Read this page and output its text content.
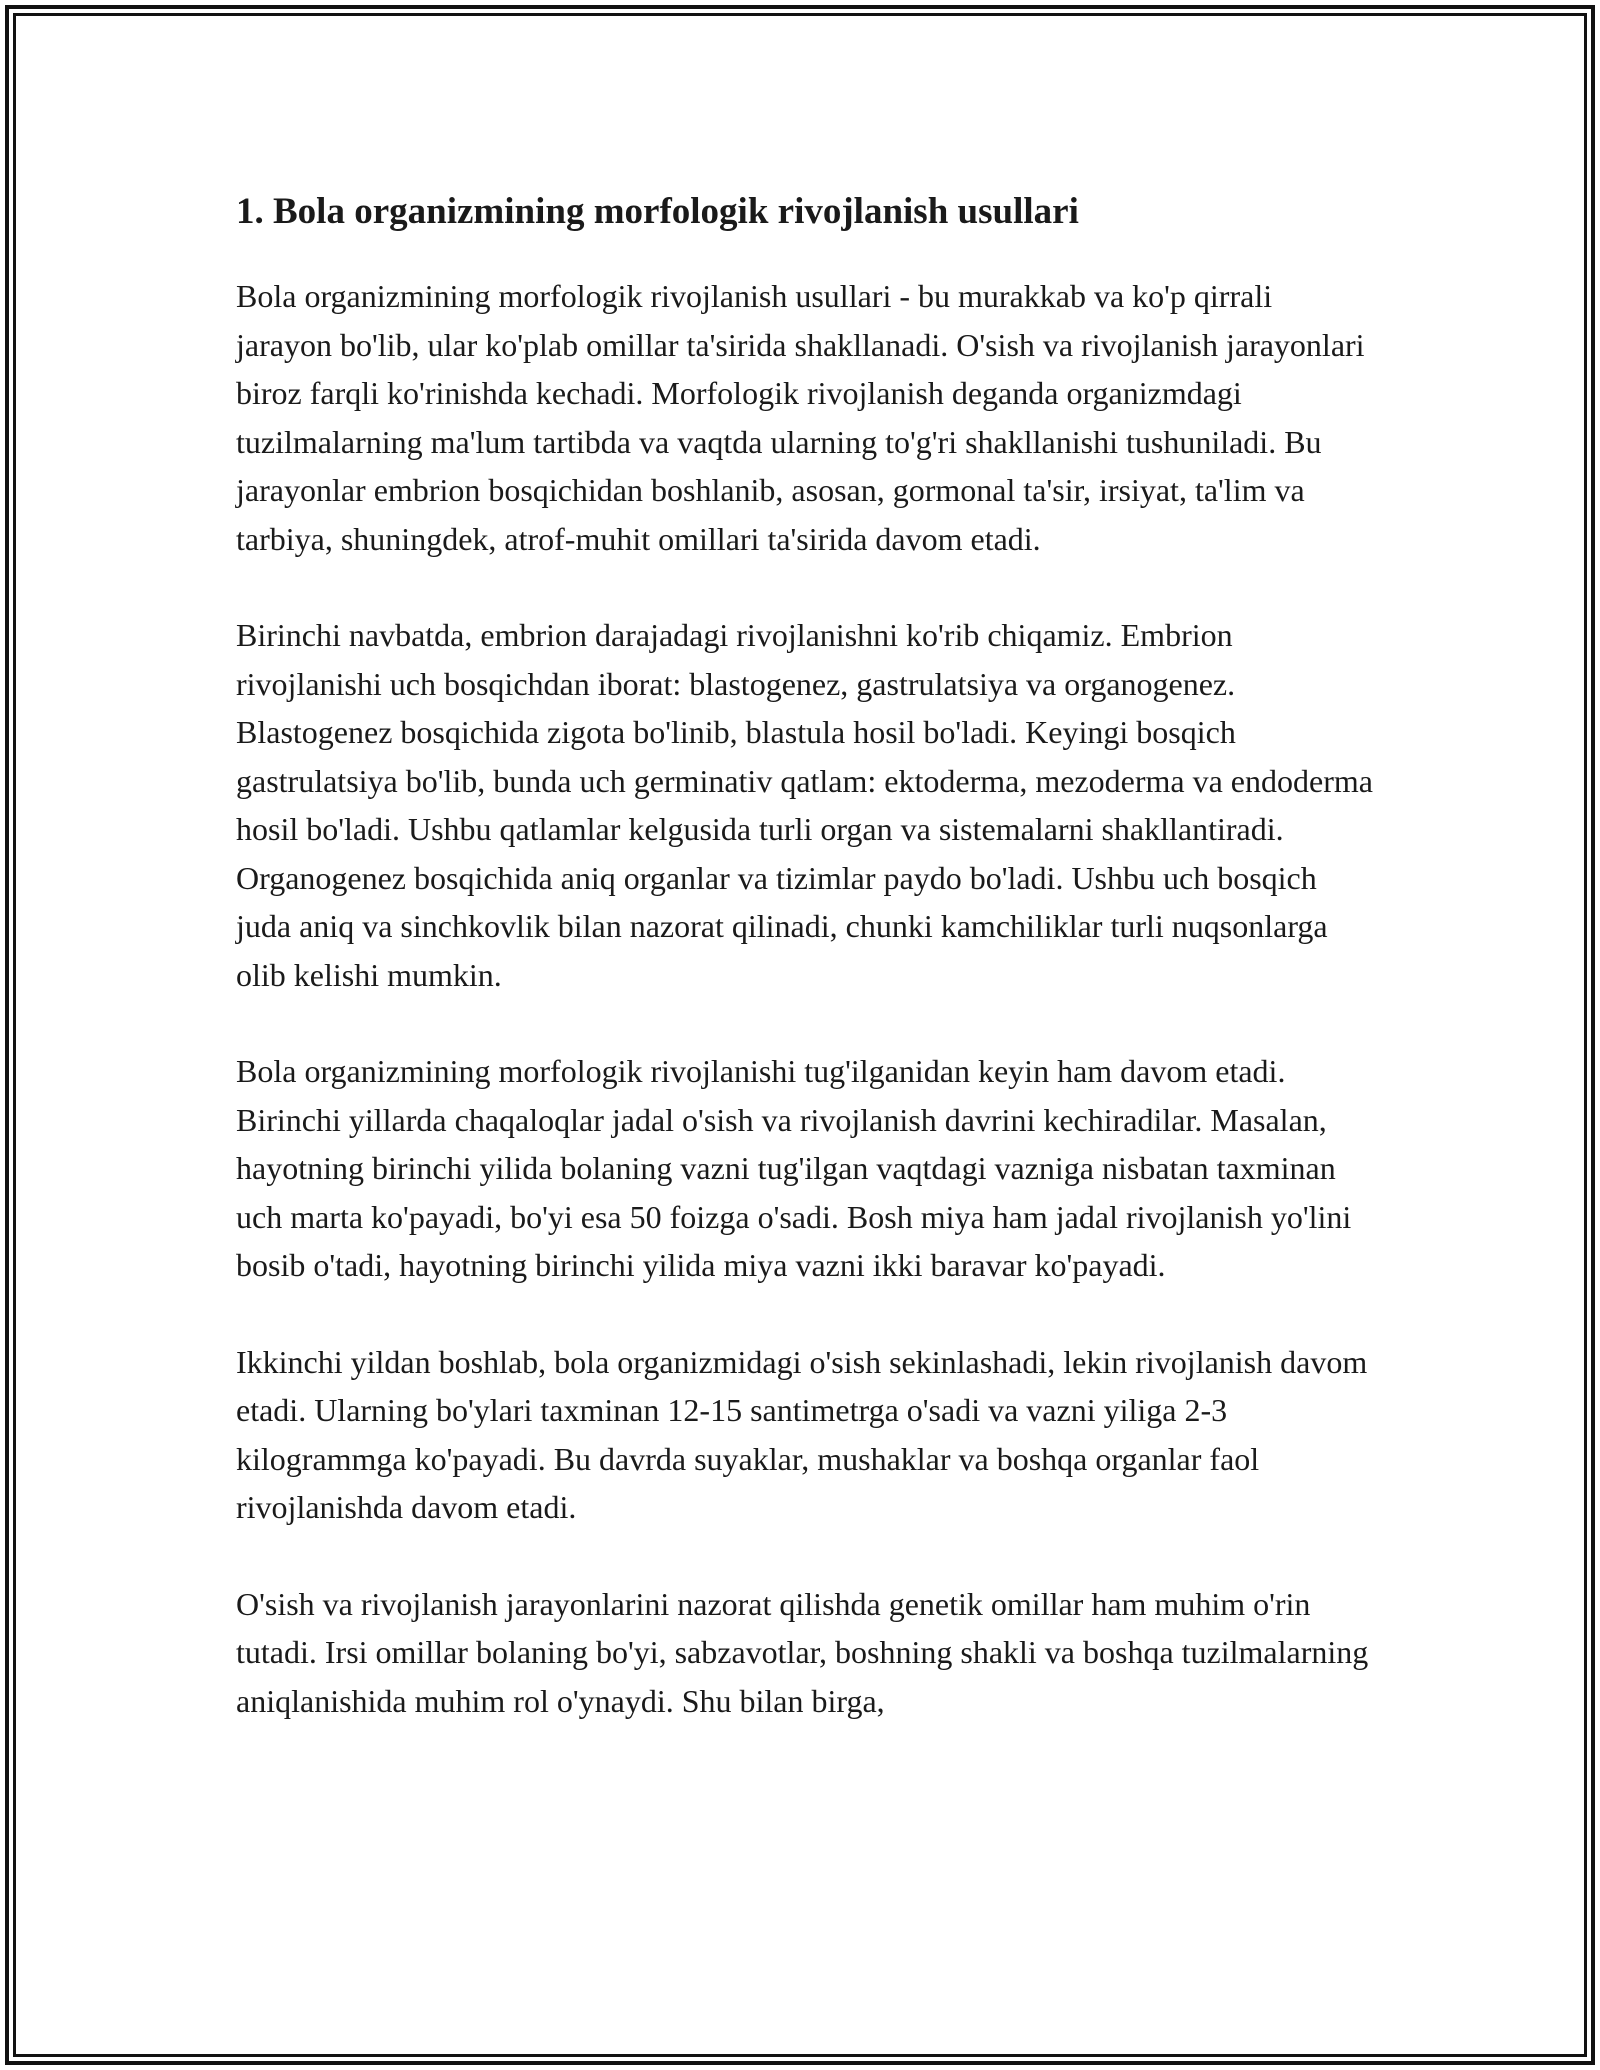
1. Bola organizmining morfologik rivojlanish usullari

Bola organizmining morfologik rivojlanish usullari - bu murakkab va ko'p qirrali jarayon bo'lib, ular ko'plab omillar ta'sirida shakllanadi. O'sish va rivojlanish jarayonlari biroz farqli ko'rinishda kechadi. Morfologik rivojlanish deganda organizmdagi tuzilmalarning ma'lum tartibda va vaqtda ularning to'g'ri shakllanishi tushuniladi. Bu jarayonlar embrion bosqichidan boshlanib, asosan, gormonal ta'sir, irsiyat, ta'lim va tarbiya, shuningdek, atrof-muhit omillari ta'sirida davom etadi.

Birinchi navbatda, embrion darajadagi rivojlanishni ko'rib chiqamiz. Embrion rivojlanishi uch bosqichdan iborat: blastogenez, gastrulatsiya va organogenez. Blastogenez bosqichida zigota bo'linib, blastula hosil bo'ladi. Keyingi bosqich gastrulatsiya bo'lib, bunda uch germinativ qatlam: ektoderma, mezoderma va endoderma hosil bo'ladi. Ushbu qatlamlar kelgusida turli organ va sistemalarni shakllantiradi. Organogenez bosqichida aniq organlar va tizimlar paydo bo'ladi. Ushbu uch bosqich juda aniq va sinchkovlik bilan nazorat qilinadi, chunki kamchiliklar turli nuqsonlarga olib kelishi mumkin.

Bola organizmining morfologik rivojlanishi tug'ilganidan keyin ham davom etadi. Birinchi yillarda chaqaloqlar jadal o'sish va rivojlanish davrini kechiradilar. Masalan, hayotning birinchi yilida bolaning vazni tug'ilgan vaqtdagi vazniga nisbatan taxminan uch marta ko'payadi, bo'yi esa 50 foizga o'sadi. Bosh miya ham jadal rivojlanish yo'lini bosib o'tadi, hayotning birinchi yilida miya vazni ikki baravar ko'payadi.

Ikkinchi yildan boshlab, bola organizmidagi o'sish sekinlashadi, lekin rivojlanish davom etadi. Ularning bo'ylari taxminan 12-15 santimetrga o'sadi va vazni yiliga 2-3 kilogrammga ko'payadi. Bu davrda suyaklar, mushaklar va boshqa organlar faol rivojlanishda davom etadi.

O'sish va rivojlanish jarayonlarini nazorat qilishda genetik omillar ham muhim o'rin tutadi. Irsi omillar bolaning bo'yi, sabzavotlar, boshning shakli va boshqa tuzilmalarning aniqlanishida muhim rol o'ynaydi. Shu bilan birga,
